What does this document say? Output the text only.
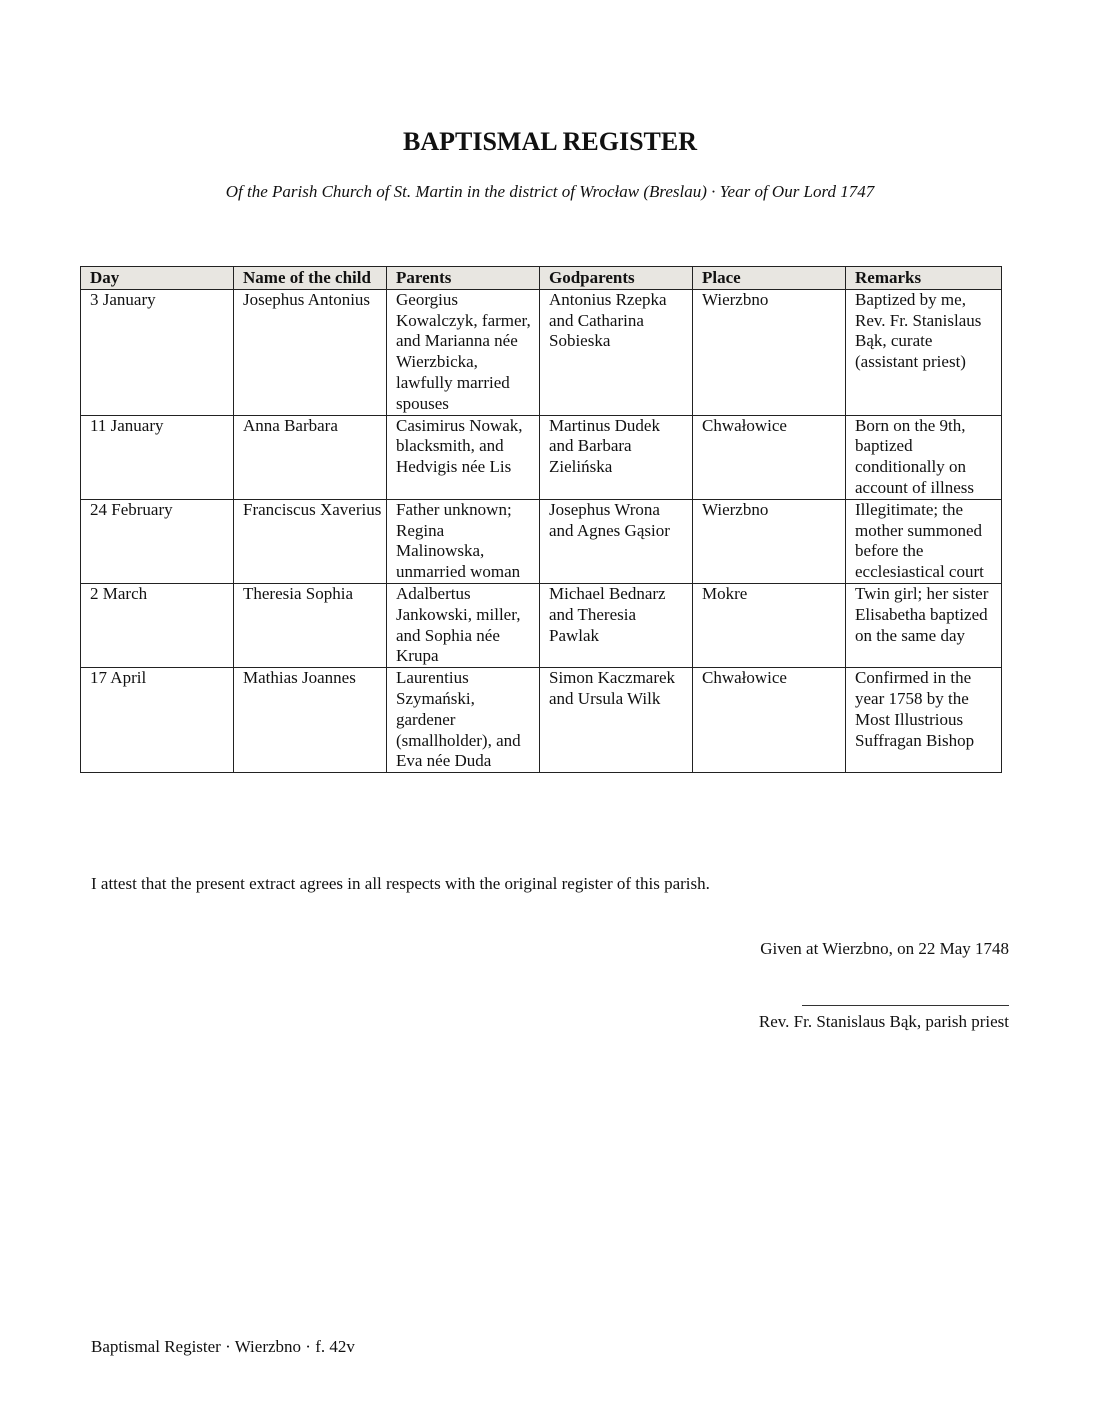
BAPTISMAL REGISTER

Of the Parish Church of St. Martin in the district of Wrocław (Breslau) · Year of Our Lord 1747

Day	Name of the child	Parents	Godparents	Place	Remarks
3 January	Josephus Antonius	Georgius Kowalczyk, farmer, and Marianna née Wierzbicka, lawfully married spouses	Antonius Rzepka and Catharina Sobieska	Wierzbno	Baptized by me, Rev. Fr. Stanislaus Bąk, curate (assistant priest)
11 January	Anna Barbara	Casimirus Nowak, blacksmith, and Hedvigis née Lis	Martinus Dudek and Barbara Zielińska	Chwałowice	Born on the 9th, baptized conditionally on account of illness
24 February	Franciscus Xaverius	Father unknown; Regina Malinowska, unmarried woman	Josephus Wrona and Agnes Gąsior	Wierzbno	Illegitimate; the mother summoned before the ecclesiastical court
2 March	Theresia Sophia	Adalbertus Jankowski, miller, and Sophia née Krupa	Michael Bednarz and Theresia Pawlak	Mokre	Twin girl; her sister Elisabetha baptized on the same day
17 April	Mathias Joannes	Laurentius Szymański, gardener (smallholder), and Eva née Duda	Simon Kaczmarek and Ursula Wilk	Chwałowice	Confirmed in the year 1758 by the Most Illustrious Suffragan Bishop

I attest that the present extract agrees in all respects with the original register of this parish.

Given at Wierzbno, on 22 May 1748

Rev. Fr. Stanislaus Bąk, parish priest

Baptismal Register · Wierzbno · f. 42v
